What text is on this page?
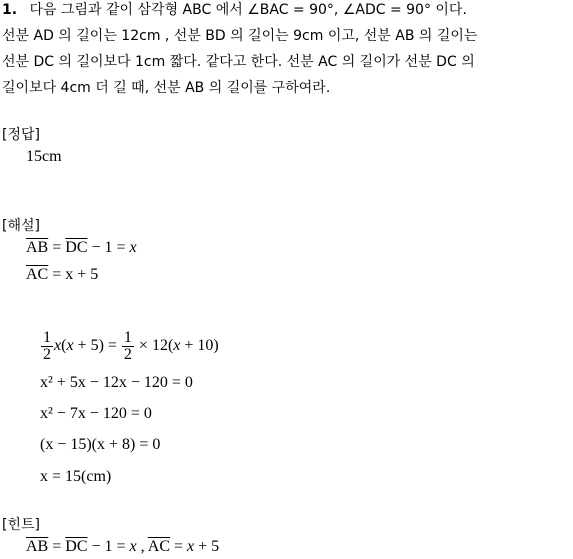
1. 다음 그림과 같이 삼각형 ABC 에서 ∠BAC = 90°, ∠ADC = 90° 이다.
선분 AD 의 길이는 12cm , 선분 BD 의 길이는 9cm 이고, 선분 AB 의 길이는
선분 DC 의 길이보다 1cm 짧다. 같다고 한다. 선분 AC 의 길이가 선분 DC 의
길이보다 4cm 더 길 때, 선분 AB 의 길이를 구하여라.
[정답]
15cm
[해설]
$\overline{AB} = \overline{DC} - 1 = x$
$\overline{AC} = x + 5$
$\frac{1}{2} x(x + 5) = \frac{1}{2} \times 12(x + 10)$
x² + 5x − 12x − 120 = 0
x² − 7x − 120 = 0
(x − 15)(x + 8) = 0
x = 15(cm)
[힌트]
$\overline{AB} = \overline{DC} - 1 = x$ , $\overline{AC} = x + 5$
